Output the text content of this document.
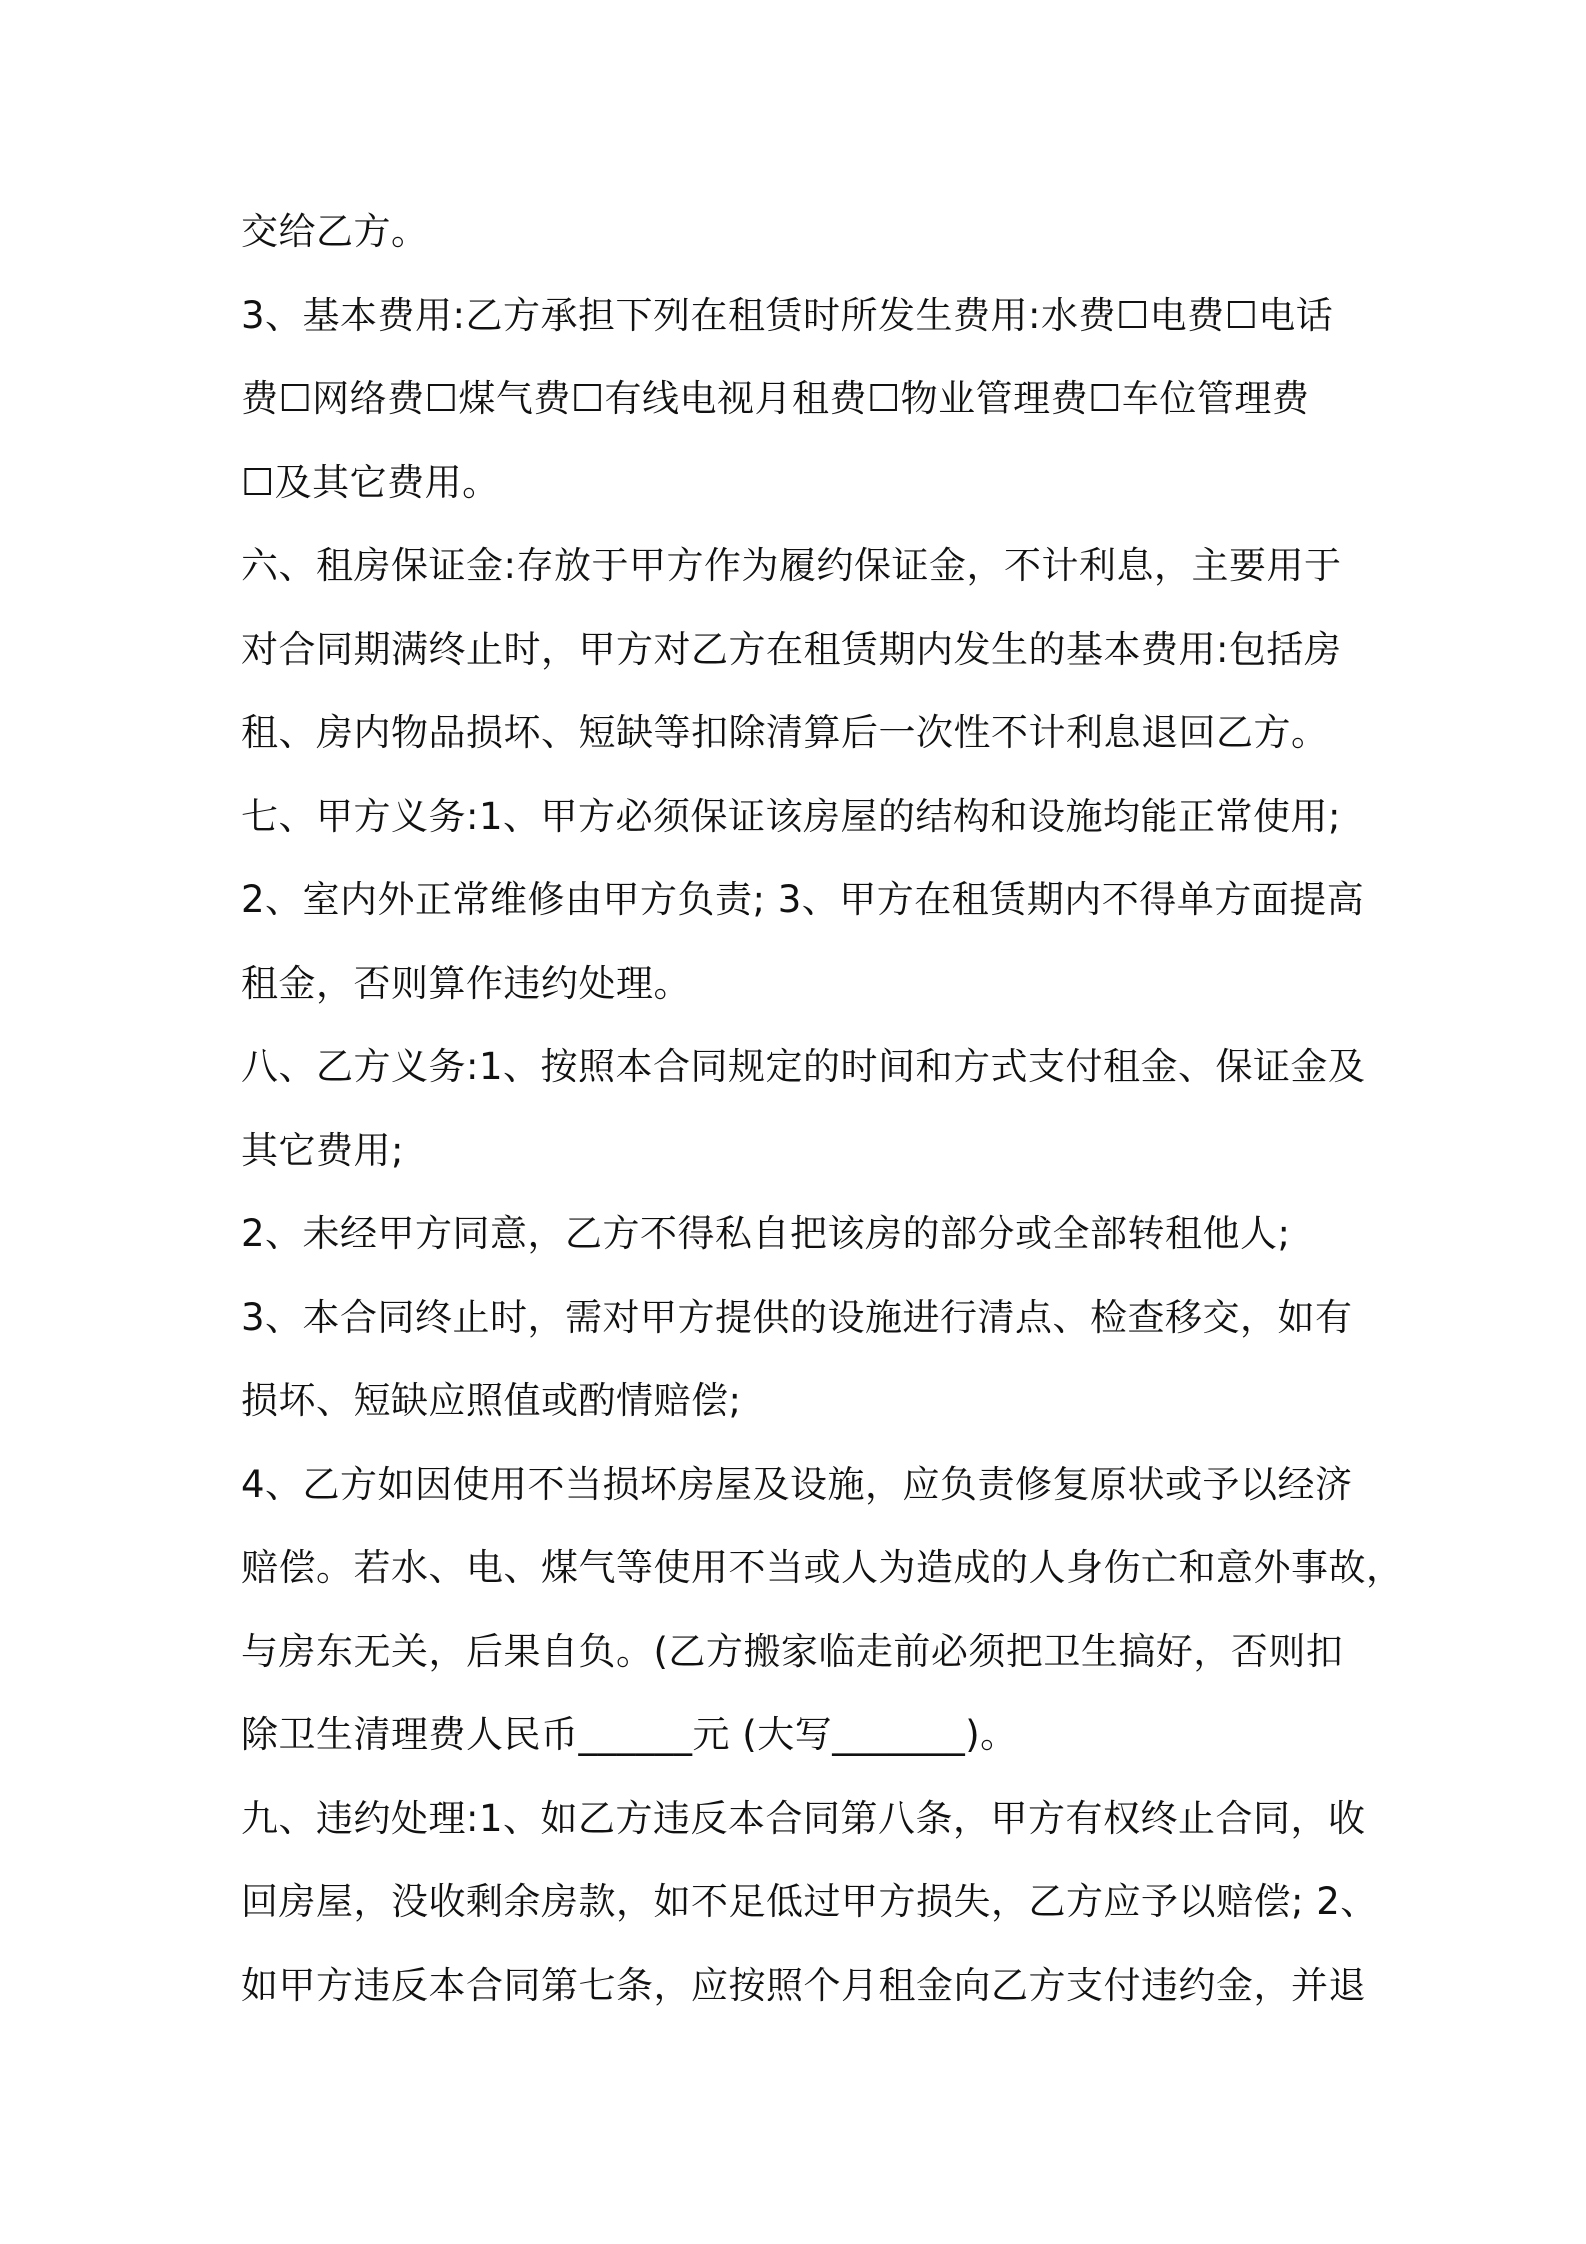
交给乙方。
3、基本费用:乙方承担下列在租赁时所发生费用:水费☐电费☐电话
费☐网络费☐煤气费☐有线电视月租费☐物业管理费☐车位管理费
☐及其它费用。
六、租房保证金:存放于甲方作为履约保证金，不计利息，主要用于
对合同期满终止时，甲方对乙方在租赁期内发生的基本费用:包括房
租、房内物品损坏、短缺等扣除清算后一次性不计利息退回乙方。
七、甲方义务:1、甲方必须保证该房屋的结构和设施均能正常使用;
2、室内外正常维修由甲方负责; 3、甲方在租赁期内不得单方面提高
租金，否则算作违约处理。
八、乙方义务:1、按照本合同规定的时间和方式支付租金、保证金及
其它费用;
2、未经甲方同意，乙方不得私自把该房的部分或全部转租他人;
3、本合同终止时，需对甲方提供的设施进行清点、检查移交，如有
损坏、短缺应照值或酌情赔偿;
4、乙方如因使用不当损坏房屋及设施，应负责修复原状或予以经济
赔偿。若水、电、煤气等使用不当或人为造成的人身伤亡和意外事故，
与房东无关，后果自负。(乙方搬家临走前必须把卫生搞好，否则扣
除卫生清理费人民币______元 (大写_______)。
九、违约处理:1、如乙方违反本合同第八条，甲方有权终止合同，收
回房屋，没收剩余房款，如不足低过甲方损失，乙方应予以赔偿; 2、
如甲方违反本合同第七条，应按照个月租金向乙方支付违约金，并退
